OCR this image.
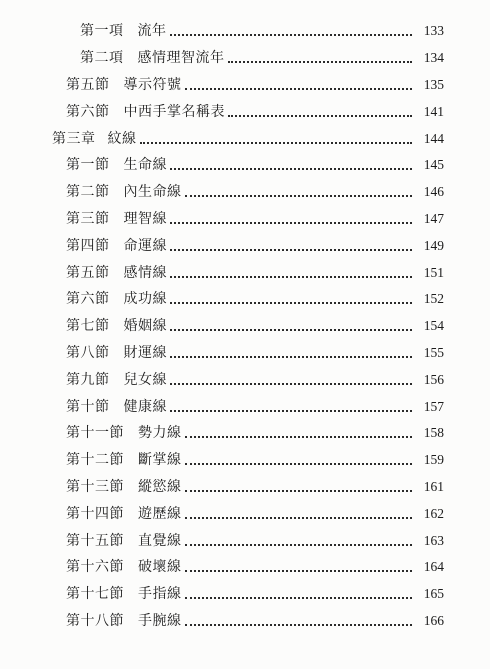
第一項 流年	133
第二項 感情理智流年	134
第五節 導示符號	135
第六節 中西手掌名稱表	141
第三章 紋線	144
第一節 生命線	145
第二節 內生命線	146
第三節 理智線	147
第四節 命運線	149
第五節 感情線	151
第六節 成功線	152
第七節 婚姻線	154
第八節 財運線	155
第九節 兒女線	156
第十節 健康線	157
第十一節 勢力線	158
第十二節 斷掌線	159
第十三節 縱慾線	161
第十四節 遊歷線	162
第十五節 直覺線	163
第十六節 破壞線	164
第十七節 手指線	165
第十八節 手腕線	166
